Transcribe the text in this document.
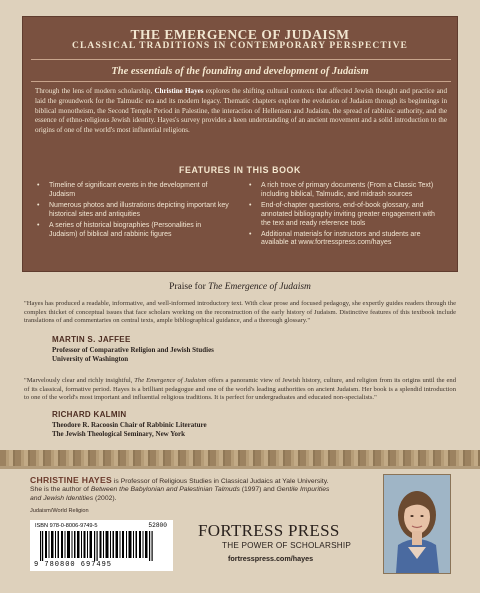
THE EMERGENCE OF JUDAISM
CLASSICAL TRADITIONS IN CONTEMPORARY PERSPECTIVE
The essentials of the founding and development of Judaism
Through the lens of modern scholarship, Christine Hayes explores the shifting cultural contexts that affected Jewish thought and practice and laid the groundwork for the Talmudic era and its modern legacy. Thematic chapters explore the evolution of Judaism through its beginnings in biblical monotheism, the Second Temple Period in Palestine, the interaction of Hellenism and Judaism, the spread of rabbinic authority, and the essence of ethno-religious Jewish identity. Hayes's survey provides a keen understanding of an ancient movement and a solid introduction to the origins of one of the world's most influential religions.
FEATURES IN THIS BOOK
• Timeline of significant events in the development of Judaism
• Numerous photos and illustrations depicting important key historical sites and antiquities
• A series of historical biographies (Personalities in Judaism) of biblical and rabbinic figures
• A rich trove of primary documents (From a Classic Text) including biblical, Talmudic, and midrash sources
• End-of-chapter questions, end-of-book glossary, and annotated bibliography inviting greater engagement with the text and ready reference tools
• Additional materials for instructors and students are available at www.fortresspress.com/hayes
Praise for The Emergence of Judaism
"Hayes has produced a readable, informative, and well-informed introductory text. With clear prose and focused pedagogy, she expertly guides readers through the complex thicket of conceptual issues that face scholars working on the reconstruction of the early history of Judaism. Distinctive features of this textbook include translations of and commentaries on central texts, ample bibliographical guidance, and a thorough glossary."
MARTIN S. JAFFEE
Professor of Comparative Religion and Jewish Studies
University of Washington
"Marvelously clear and richly insightful, The Emergence of Judaism offers a panoramic view of Jewish history, culture, and religion from its origins until the end of its classical, formative period. Hayes is a brilliant pedagogue and one of the world's leading authorities on ancient Judaism. Her book is a splendid introduction to one of the world's most important and influential religious traditions. It is perfect for undergraduates and educated non-specialists."
RICHARD KALMIN
Theodore R. Racoosin Chair of Rabbinic Literature
The Jewish Theological Seminary, New York
CHRISTINE HAYES is Professor of Religious Studies in Classical Judaics at Yale University. She is the author of Between the Babylonian and Palestinian Talmuds (1997) and Gentile Impurities and Jewish Identities (2002).
Judaism/World Religion
ISBN 978-0-8006-9749-5	52800
9 780800 697495
FORTRESS PRESS
THE POWER OF SCHOLARSHIP
fortresspress.com/hayes
